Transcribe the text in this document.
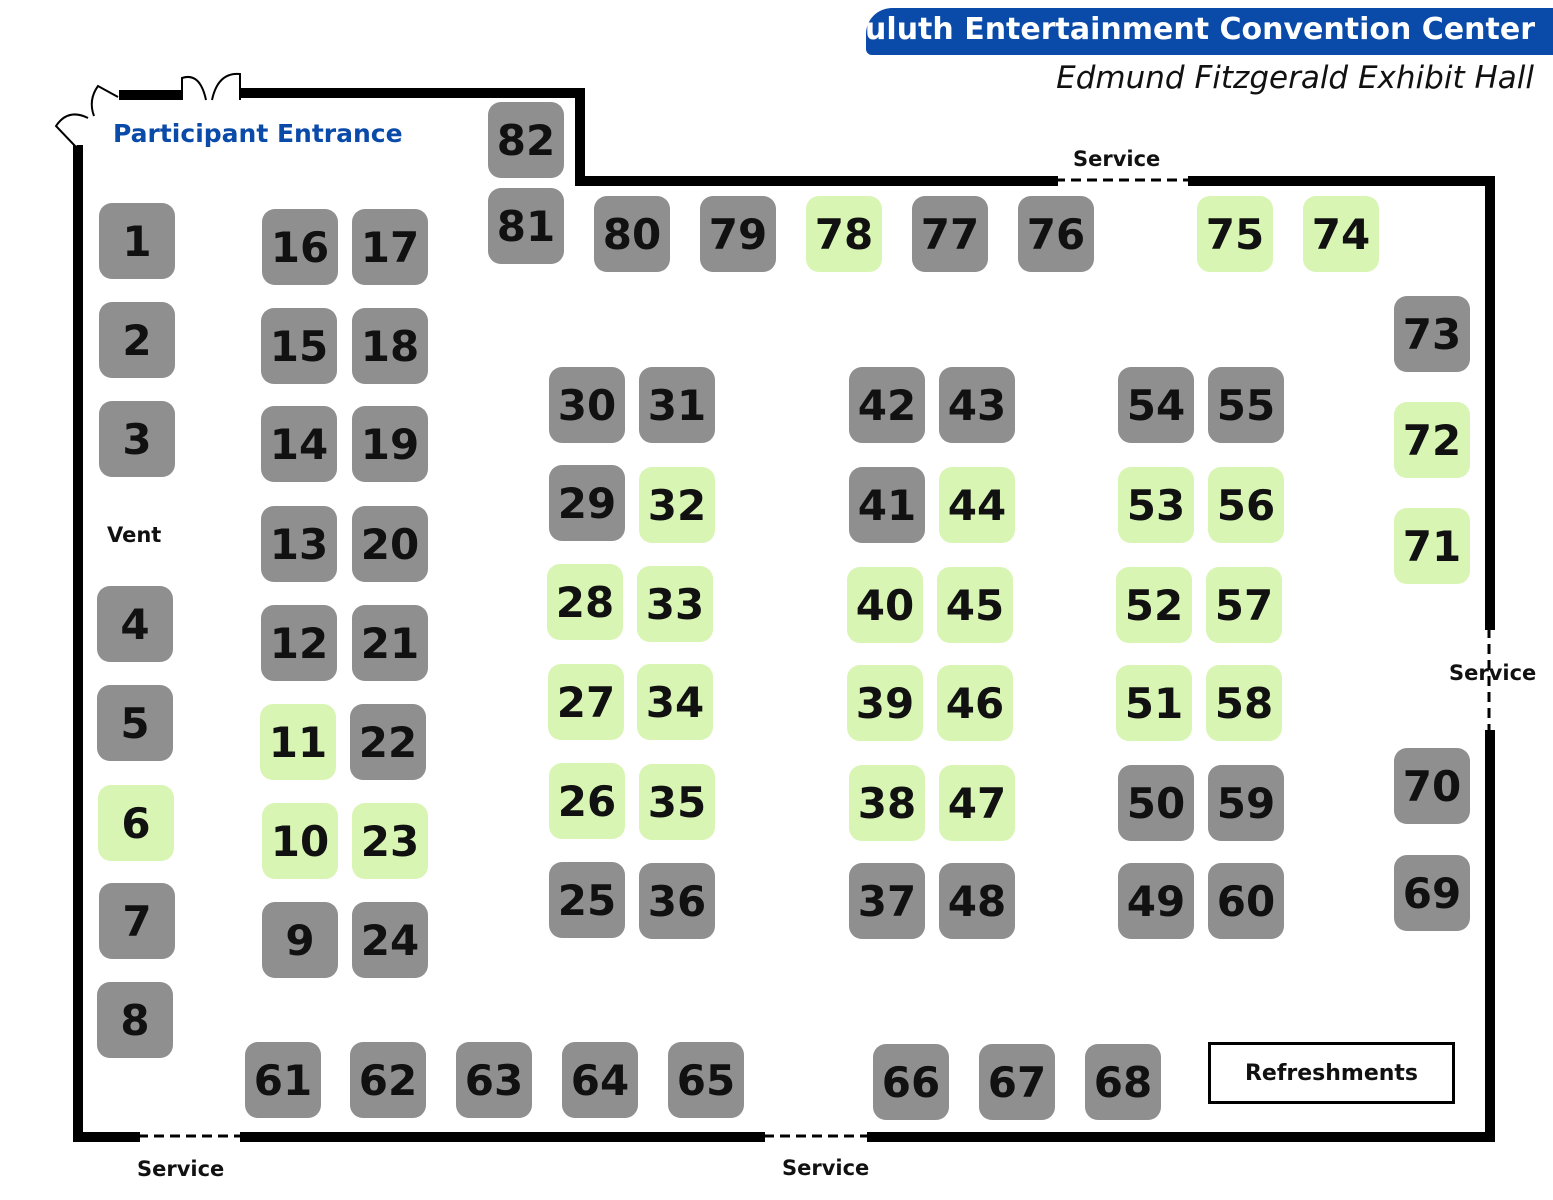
Duluth Entertainment Convention Center
Edmund Fitzgerald Exhibit Hall
Participant Entrance
Vent
Service
Service
Service	Service
1
2
3
4
5
6
7
8
9
10
11
12
13
14
15
16 17
18
19
20
21
22
23
24
25
26
27
28
29
30 31
32
33
34
35
36	37
38
39
40
41
42 43
44
45
46
47
48	49
50
51
52
53
54 55
56
57
58
59
60
61 62 63 64 65	66 67 68
69
70
71
72
73
74
75
76
77
78
79
80
81
82
Refreshments
